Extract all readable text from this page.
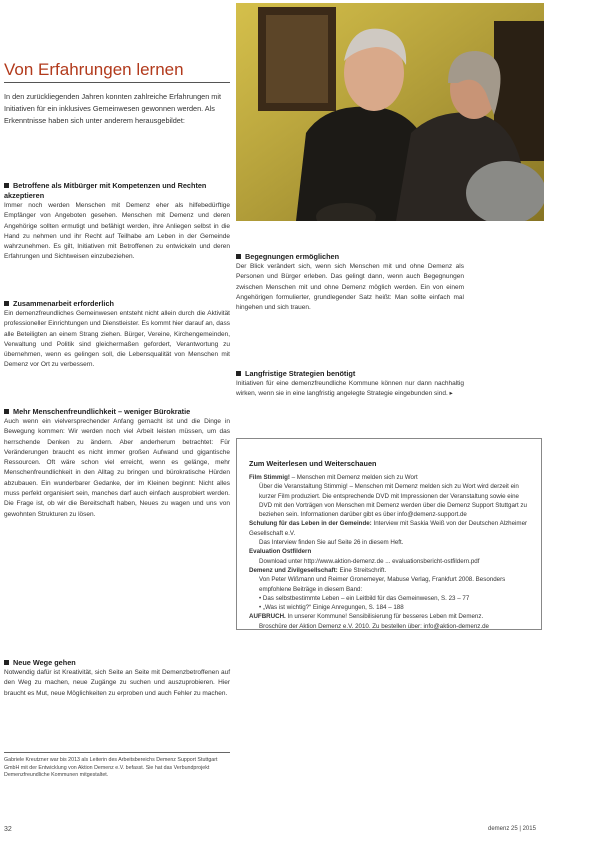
Von Erfahrungen lernen
In den zurückliegenden Jahren konnten zahlreiche Erfahrungen mit Initiativen für ein inklusives Gemeinwesen gewonnen werden. Als Erkenntnisse haben sich unter anderem herausgebildet:
Betroffene als Mitbürger mit Kompetenzen und Rechten akzeptieren
Immer noch werden Menschen mit Demenz eher als hilfebedürftige Empfänger von Angeboten gesehen. Menschen mit Demenz und deren Angehörige sollten ermutigt und befähigt werden, ihre Anliegen selbst in die Hand zu nehmen und ihr Recht auf Teilhabe am Leben in der Gemeinde wahrzunehmen. Es gilt, Initiativen mit Betroffenen zu entwickeln und deren Erfahrungen und Sichtweisen einzubeziehen.
Zusammenarbeit erforderlich
Ein demenzfreundliches Gemeinwesen entsteht nicht allein durch die Aktivität professioneller Einrichtungen und Dienstleister. Es kommt hier darauf an, dass alle Beteiligten an einem Strang ziehen. Bürger, Vereine, Kirchengemeinden, Verwaltung und Politik sind gleichermaßen gefordert, Verantwortung zu übernehmen, wenn es gelingen soll, die Lebensqualität von Menschen mit Demenz vor Ort zu verbessern.
Mehr Menschenfreundlichkeit – weniger Bürokratie
Auch wenn ein vielversprechender Anfang gemacht ist und die Dinge in Bewegung kommen: Wir werden noch viel Arbeit leisten müssen, um das herrschende Denken zu ändern. Aber anderherum betrachtet: Für Veränderungen braucht es nicht immer großen Aufwand und gigantische Ressourcen. Oft wäre schon viel erreicht, wenn es gelänge, mehr Menschenfreundlichkeit in den Alltag zu bringen und bürokratische Hürden abzubauen. Ein wunderbarer Gedanke, der im Kleinen beginnt: Nicht alles muss perfekt organisiert sein, manches darf auch einfach ausprobiert werden. Die Frage ist, ob wir die Bereitschaft haben, Neues zu wagen und uns von gewohnten Strukturen zu lösen.
Neue Wege gehen
Notwendig dafür ist Kreativität, sich Seite an Seite mit Demenzbetroffenen auf den Weg zu machen, neue Zugänge zu suchen und auszuprobieren. Hier braucht es Mut, neue Möglichkeiten zu erproben und auch Fehler zu machen.
Gabriele Kreutzner war bis 2013 als Leiterin des Arbeitsbereichs Demenz Support Stuttgart GmbH mit der Entwicklung von Aktion Demenz e.V. befasst. Sie hat das Verbundprojekt Demenzfreundliche Kommunen mitgestaltet.
Begegnungen ermöglichen
Der Blick verändert sich, wenn sich Menschen mit und ohne Demenz als Personen und Bürger erleben. Das gelingt dann, wenn auch Begegnungen zwischen Menschen mit und ohne Demenz möglich werden. Ein von einem Angehörigen formulierter, grundlegender Satz heißt: Man sollte einfach mal hingehen und sich trauen.
Langfristige Strategien benötigt
Initiativen für eine demenzfreundliche Kommune können nur dann nachhaltig wirken, wenn sie in eine langfristig angelegte Strategie eingebunden sind. ▸
Zum Weiterlesen und Weiterschauen

Film Stimmig! – Menschen mit Demenz melden sich zu Wort

Über die Veranstaltung Stimmig! – Menschen mit Demenz melden sich zu Wort wird derzeit ein kurzer Film produziert. Die entsprechende DVD mit Impressionen der Veranstaltung sowie eine DVD mit den Vorträgen von Menschen mit Demenz werden über die Demenz Support Stuttgart zu beziehen sein. Informationen darüber gibt es über info@demenz-support.de

Schulung für das Leben in der Gemeinde: Interview mit Saskia Weiß von der Deutschen Alzheimer Gesellschaft e.V.

Das Interview finden Sie auf Seite 26 in diesem Heft.

Evaluation Ostfildern

Download unter http://www.aktion-demenz.de ... evaluationsbericht-ostfildern.pdf

Demenz und Zivilgesellschaft: Eine Streitschrift.

Von Peter Wißmann und Reimer Gronemeyer, Mabuse Verlag, Frankfurt 2008. Besonders empfohlene Beiträge in diesem Band:

• Das selbstbestimmte Leben – ein Leitbild für das Gemeinwesen, S. 23 – 77

• „Was ist wichtig?“ Einige Anregungen, S. 184 – 188

AUFBRUCH. In unserer Kommune! Sensibilisierung für besseres Leben mit Demenz.

Broschüre der Aktion Demenz e.V. 2010. Zu bestellen über: info@aktion-demenz.de

32	demenz 25 | 2015
